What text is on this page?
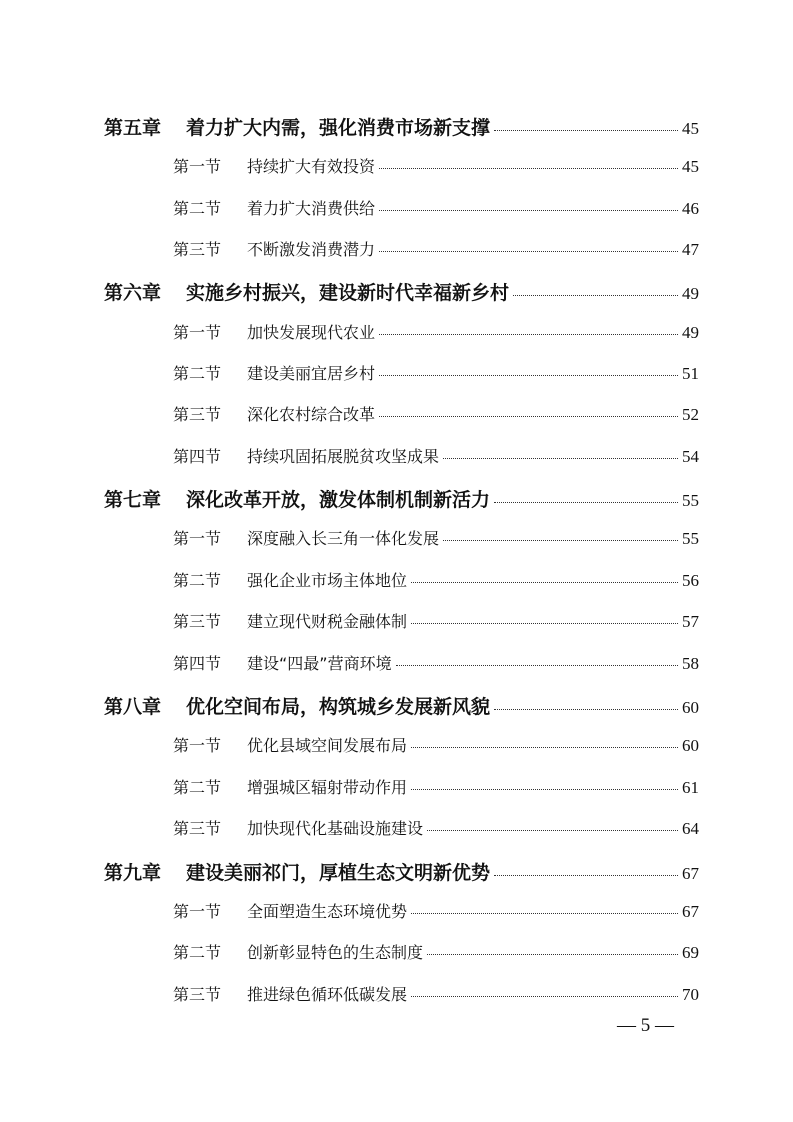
第五章	着力扩大内需，强化消费市场新支撑	45
第一节	持续扩大有效投资	45
第二节	着力扩大消费供给	46
第三节	不断激发消费潜力	47
第六章	实施乡村振兴，建设新时代幸福新乡村	49
第一节	加快发展现代农业	49
第二节	建设美丽宜居乡村	51
第三节	深化农村综合改革	52
第四节	持续巩固拓展脱贫攻坚成果	54
第七章	深化改革开放，激发体制机制新活力	55
第一节	深度融入长三角一体化发展	55
第二节	强化企业市场主体地位	56
第三节	建立现代财税金融体制	57
第四节	建设“四最”营商环境	58
第八章	优化空间布局，构筑城乡发展新风貌	60
第一节	优化县域空间发展布局	60
第二节	增强城区辐射带动作用	61
第三节	加快现代化基础设施建设	64
第九章	建设美丽祁门，厚植生态文明新优势	67
第一节	全面塑造生态环境优势	67
第二节	创新彰显特色的生态制度	69
第三节	推进绿色循环低碳发展	70
— 5 —
